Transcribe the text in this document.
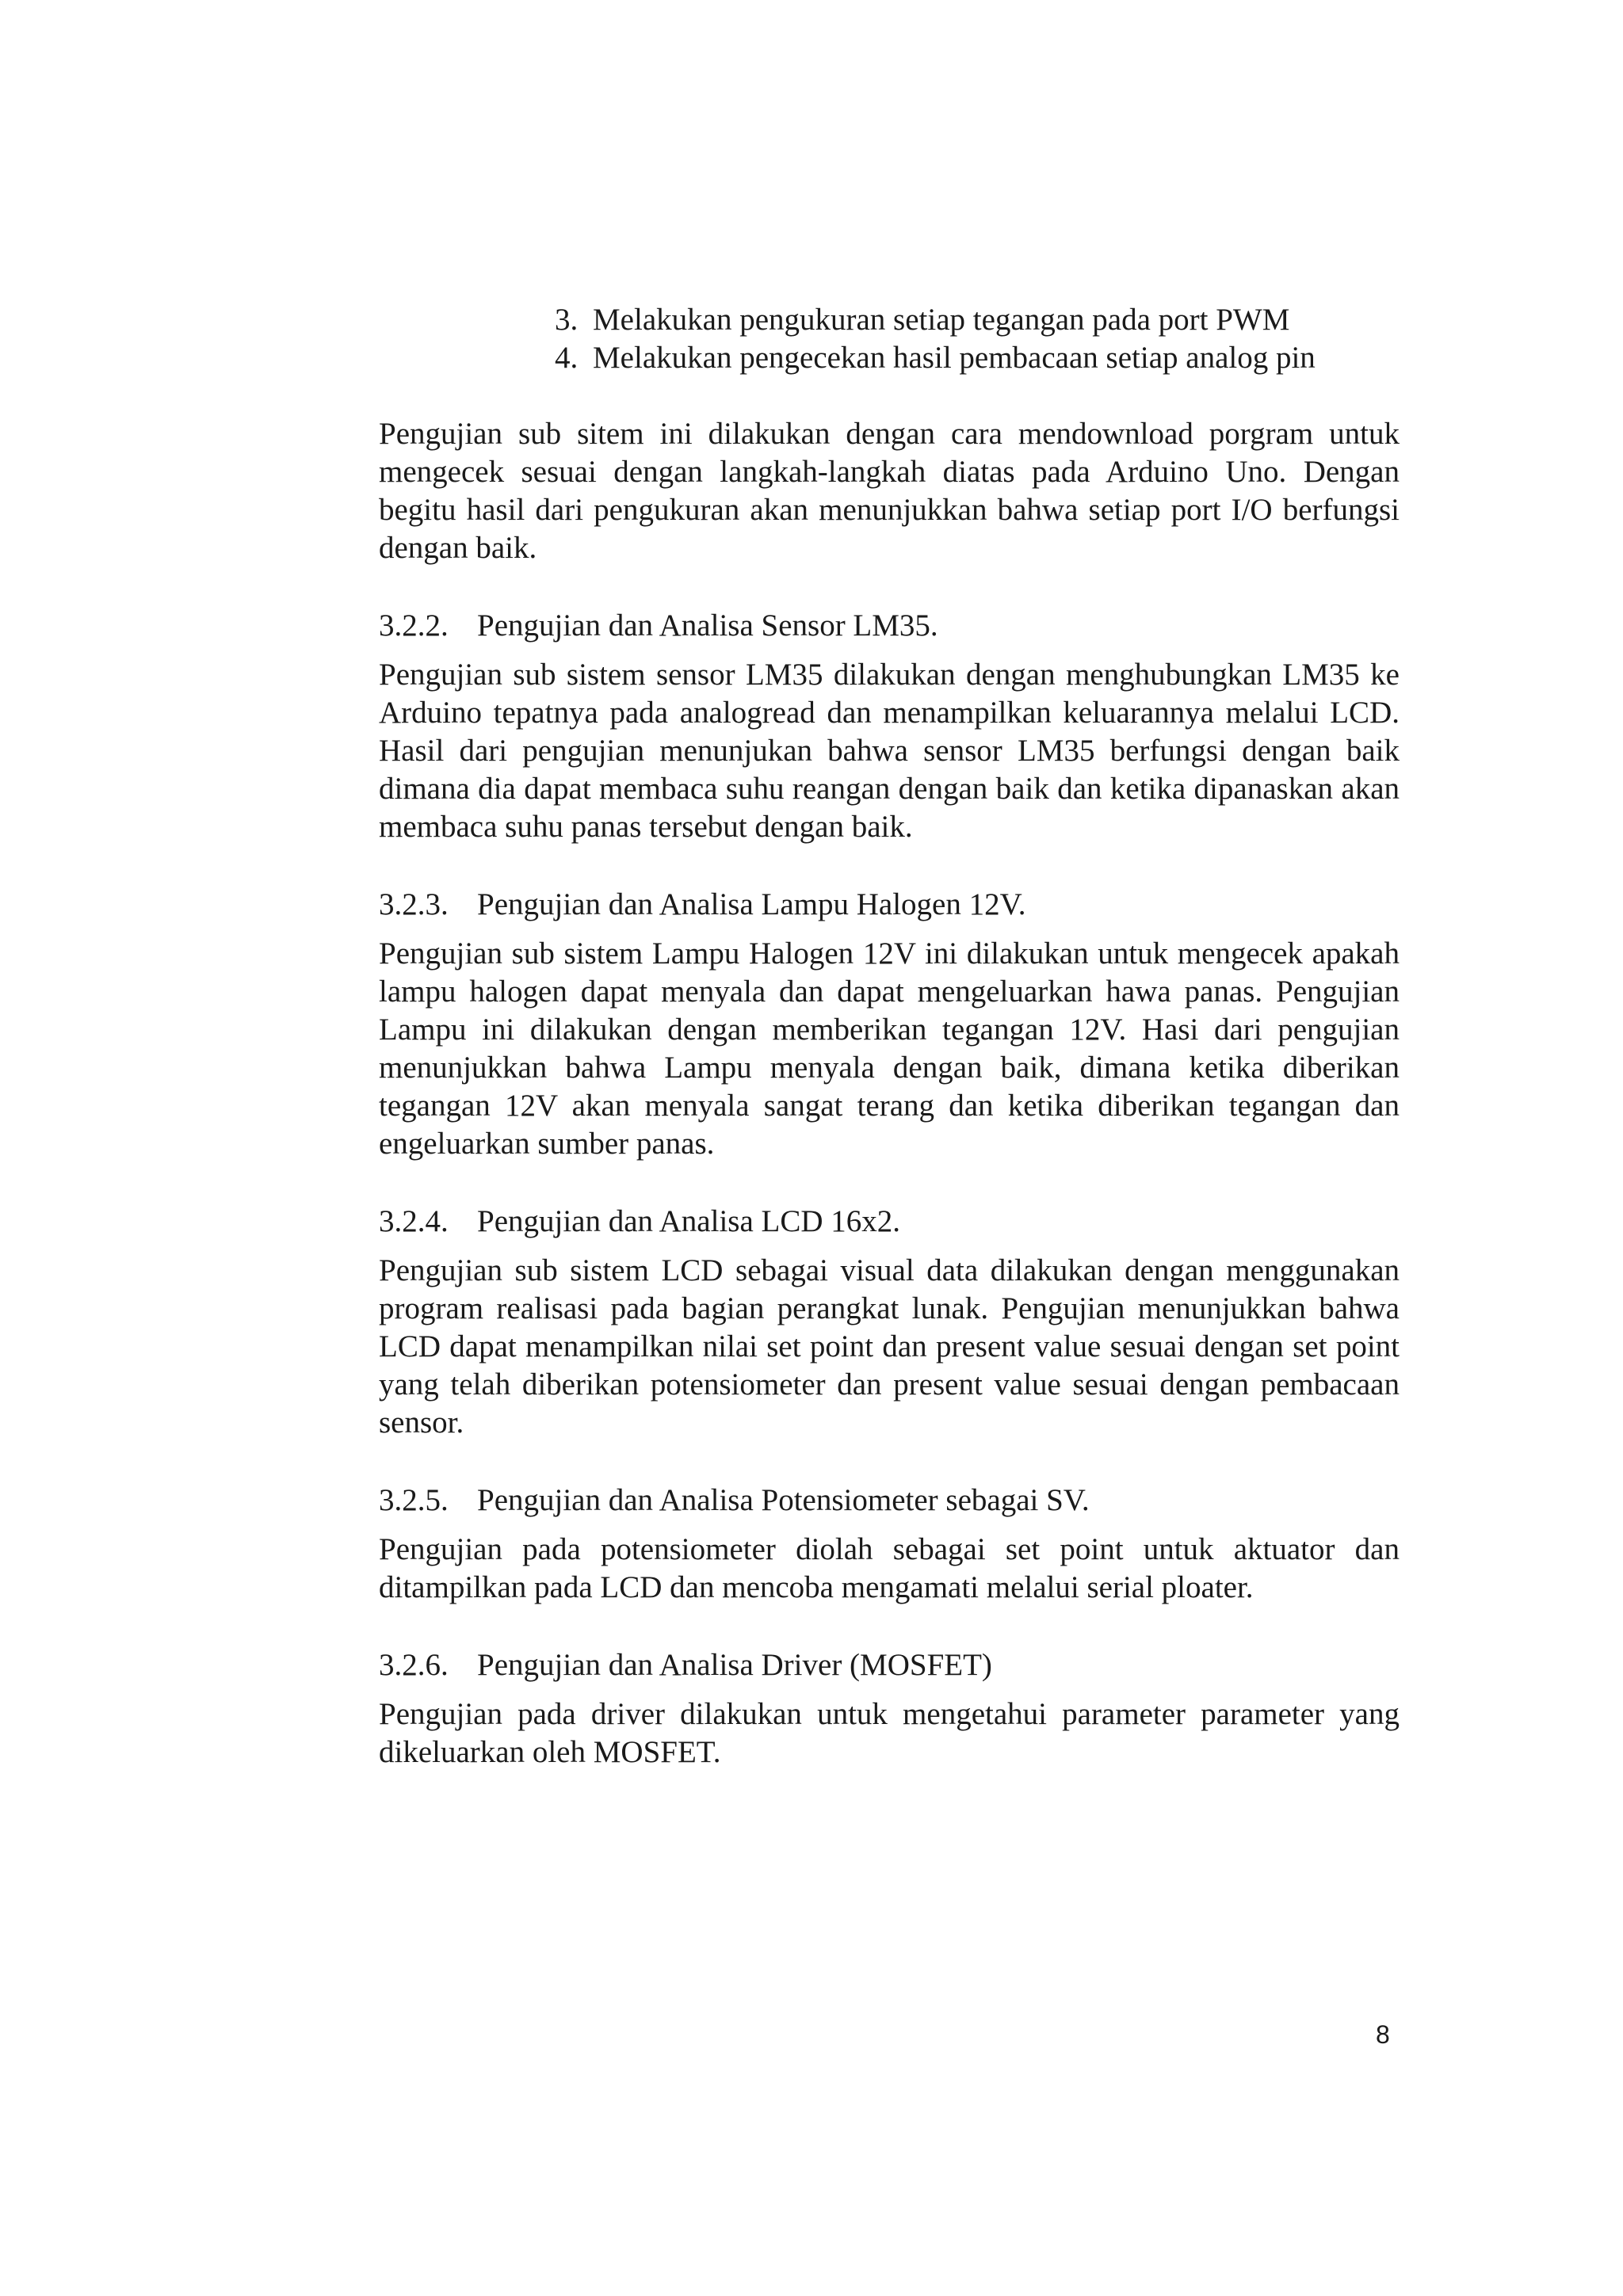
3. Melakukan pengukuran setiap tegangan pada port PWM
4. Melakukan pengecekan hasil pembacaan setiap analog pin

Pengujian sub sitem ini dilakukan dengan cara mendownload porgram untuk mengecek sesuai dengan langkah-langkah diatas pada Arduino Uno. Dengan begitu hasil dari pengukuran akan menunjukkan bahwa setiap port I/O berfungsi dengan baik.

3.2.2. Pengujian dan Analisa Sensor LM35.

Pengujian sub sistem sensor LM35 dilakukan dengan menghubungkan LM35 ke Arduino tepatnya pada analogread dan menampilkan keluarannya melalui LCD. Hasil dari pengujian menunjukan bahwa sensor LM35 berfungsi dengan baik dimana dia dapat membaca suhu reangan dengan baik dan ketika dipanaskan akan membaca suhu panas tersebut dengan baik.

3.2.3. Pengujian dan Analisa Lampu Halogen 12V.

Pengujian sub sistem Lampu Halogen 12V ini dilakukan untuk mengecek apakah lampu halogen dapat menyala dan dapat mengeluarkan hawa panas. Pengujian Lampu ini dilakukan dengan memberikan tegangan 12V. Hasi dari pengujian menunjukkan bahwa Lampu menyala dengan baik, dimana ketika diberikan tegangan 12V akan menyala sangat terang dan ketika diberikan tegangan dan engeluarkan sumber panas.

3.2.4. Pengujian dan Analisa LCD 16x2.

Pengujian sub sistem LCD sebagai visual data dilakukan dengan menggunakan program realisasi pada bagian perangkat lunak. Pengujian menunjukkan bahwa LCD dapat menampilkan nilai set point dan present value sesuai dengan set point yang telah diberikan potensiometer dan present value sesuai dengan pembacaan sensor.

3.2.5. Pengujian dan Analisa Potensiometer sebagai SV.

Pengujian pada potensiometer diolah sebagai set point untuk aktuator dan ditampilkan pada LCD dan mencoba mengamati melalui serial ploater.

3.2.6. Pengujian dan Analisa Driver (MOSFET)

Pengujian pada driver dilakukan untuk mengetahui parameter parameter yang dikeluarkan oleh MOSFET.

8
